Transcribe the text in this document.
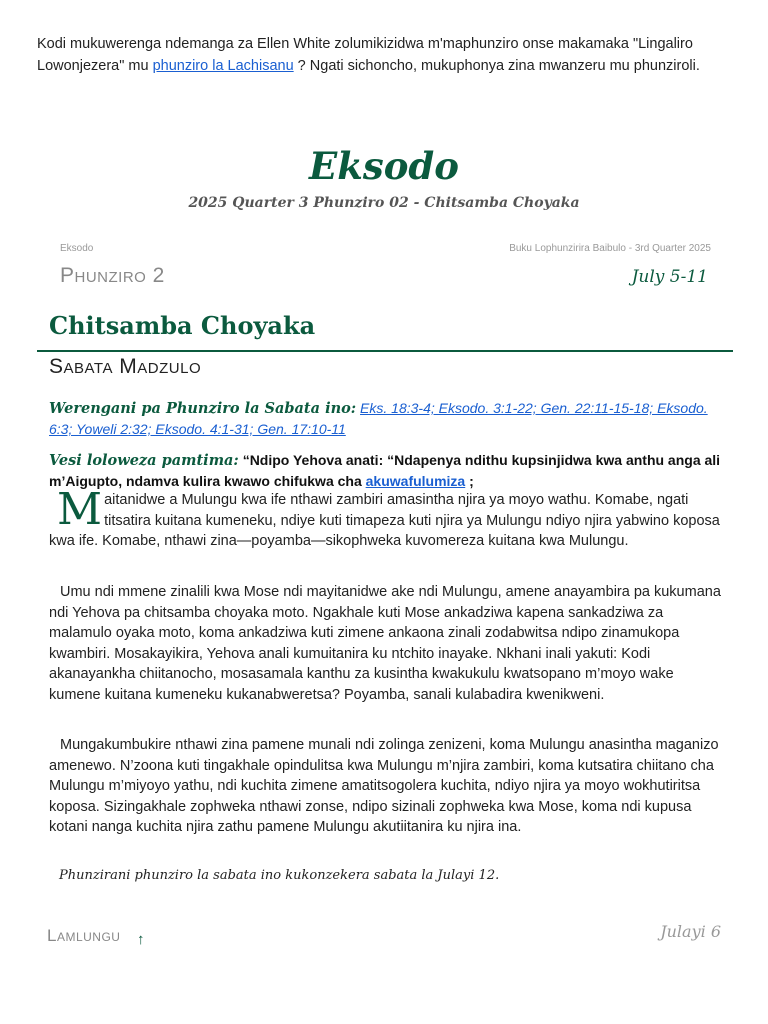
Kodi mukuwerenga ndemanga za Ellen White zolumikizidwa m'maphunziro onse makamaka "Lingaliro Lowonjezera" mu phunziro la Lachisanu ? Ngati sichoncho, mukuphonya zina mwanzeru mu phunziroli.
Eksodo
2025 Quarter 3 Phunziro 02 - Chitsamba Choyaka
Eksodo	Buku Lophunzirira Baibulo - 3rd Quarter 2025
Phunziro 2	July 5-11
Chitsamba Choyaka
Sabata Madzulo
Werengani pa Phunziro la Sabata ino: Eks. 18:3-4; Eksodo. 3:1-22; Gen. 22:11-15-18; Eksodo. 6:3; Yoweli 2:32; Eksodo. 4:1-31; Gen. 17:10-11
Vesi loloweza pamtima: “Ndipo Yehova anati: “Ndapenya ndithu kupsinjidwa kwa anthu anga ali m’Aigupto, ndamva kulira kwawo chifukwa cha akuwafulumiza ;
Maitanidwe a Mulungu kwa ife nthawi zambiri amasintha njira ya moyo wathu. Komabe, ngati titsatira kuitana kumeneku, ndiye kuti timapeza kuti njira ya Mulungu ndiyo njira yabwino koposa kwa ife. Komabe, nthawi zina—poyamba—sikophweka kuvomereza kuitana kwa Mulungu.
Umu ndi mmene zinalili kwa Mose ndi mayitanidwe ake ndi Mulungu, amene anayambira pa kukumana ndi Yehova pa chitsamba choyaka moto. Ngakhale kuti Mose ankadziwa kapena sankadziwa za malamulo oyaka moto, koma ankadziwa kuti zimene ankaona zinali zodabwitsa ndipo zinamukopa kwambiri. Mosakayikira, Yehova anali kumuitanira ku ntchito inayake. Nkhani inali yakuti: Kodi akanayankha chiitanocho, mosasamala kanthu za kusintha kwakukulu kwatsopano m’moyo wake kumene kuitana kumeneku kukanabweretsa? Poyamba, sanali kulabadira kwenikweni.
Mungakumbukire nthawi zina pamene munali ndi zolinga zenizeni, koma Mulungu anasintha maganizo amenewo. N’zoona kuti tingakhale opindulitsa kwa Mulungu m’njira zambiri, koma kutsatira chiitano cha Mulungu m’miyoyo yathu, ndi kuchita zimene amatitsogolera kuchita, ndiyo njira ya moyo wokhutiritsa koposa. Sizingakhale zophweka nthawi zonse, ndipo sizinali zophweka kwa Mose, koma ndi kupusa kotani nanga kuchita njira zathu pamene Mulungu akutiitanira ku njira ina.
Phunzirani phunziro la sabata ino kukonzekera sabata la Julayi 12.
Lamlungu ↑	Julayi 6
